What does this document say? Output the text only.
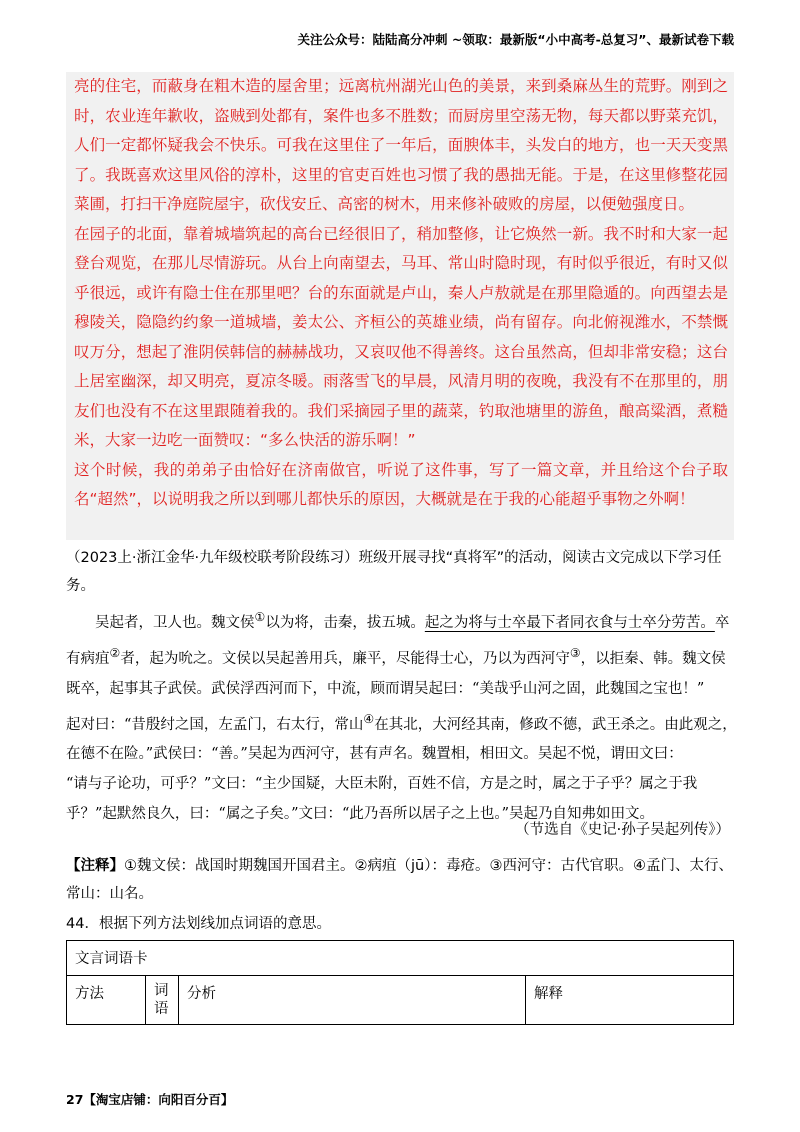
关注公众号：陆陆高分冲刺 ~领取：最新版“小中高考-总复习”、最新试卷下载

亮的住宅，而蔽身在粗木造的屋舍里；远离杭州湖光山色的美景，来到桑麻丛生的荒野。刚到之时，农业连年歉收，盗贼到处都有，案件也多不胜数；而厨房里空荡无物，每天都以野菜充饥，人们一定都怀疑我会不快乐。可我在这里住了一年后，面腴体丰，头发白的地方，也一天天变黑了。我既喜欢这里风俗的淳朴，这里的官吏百姓也习惯了我的愚拙无能。于是，在这里修整花园菜圃，打扫干净庭院屋宇，砍伐安丘、高密的树木，用来修补破败的房屋，以便勉强度日。

在园子的北面，靠着城墙筑起的高台已经很旧了，稍加整修，让它焕然一新。我不时和大家一起登台观览，在那儿尽情游玩。从台上向南望去，马耳、常山时隐时现，有时似乎很近，有时又似乎很远，或许有隐士住在那里吧？台的东面就是卢山，秦人卢敖就是在那里隐遁的。向西望去是穆陵关，隐隐约约象一道城墙，姜太公、齐桓公的英雄业绩，尚有留存。向北俯视潍水，不禁慨叹万分，想起了淮阴侯韩信的赫赫战功，又哀叹他不得善终。这台虽然高，但却非常安稳；这台上居室幽深，却又明亮，夏凉冬暖。雨落雪飞的早晨，风清月明的夜晚，我没有不在那里的，朋友们也没有不在这里跟随着我的。我们采摘园子里的蔬菜，钓取池塘里的游鱼，酿高粱酒，煮糙米，大家一边吃一面赞叹：“多么快活的游乐啊！”

这个时候，我的弟弟子由恰好在济南做官，听说了这件事，写了一篇文章，并且给这个台子取名“超然”，以说明我之所以到哪儿都快乐的原因，大概就是在于我的心能超乎事物之外啊！

（2023上·浙江金华·九年级校联考阶段练习）班级开展寻找“真将军”的活动，阅读古文完成以下学习任
务。

　　吴起者，卫人也。魏文侯①以为将，击秦，拔五城。起之为将与士卒最下者同衣食与士卒分劳苦。卒
有病疽②者，起为吮之。文侯以吴起善用兵，廉平，尽能得士心，乃以为西河守③，以拒秦、韩。魏文侯
既卒，起事其子武侯。武侯浮西河而下，中流，顾而谓吴起曰：“美哉乎山河之固，此魏国之宝也！”
起对曰：“昔殷纣之国，左孟门，右太行，常山④在其北，大河经其南，修政不德，武王杀之。由此观之，
在德不在险。”武侯曰：“善。”吴起为西河守，甚有声名。魏置相，相田文。吴起不悦，谓田文曰：
“请与子论功，可乎？”文曰：“主少国疑，大臣未附，百姓不信，方是之时，属之于子乎？属之于我
乎？”起默然良久，曰：“属之子矣。”文曰：“此乃吾所以居子之上也。”吴起乃自知弗如田文。
（节选自《史记·孙子吴起列传》）

【注释】①魏文侯：战国时期魏国开国君主。②病疽（jū）：毒疮。③西河守：古代官职。④孟门、太行、
常山：山名。

44．根据下列方法划线加点词语的意思。
文言词语卡
方法	词语	分析	解释
27【淘宝店铺：向阳百分百】
